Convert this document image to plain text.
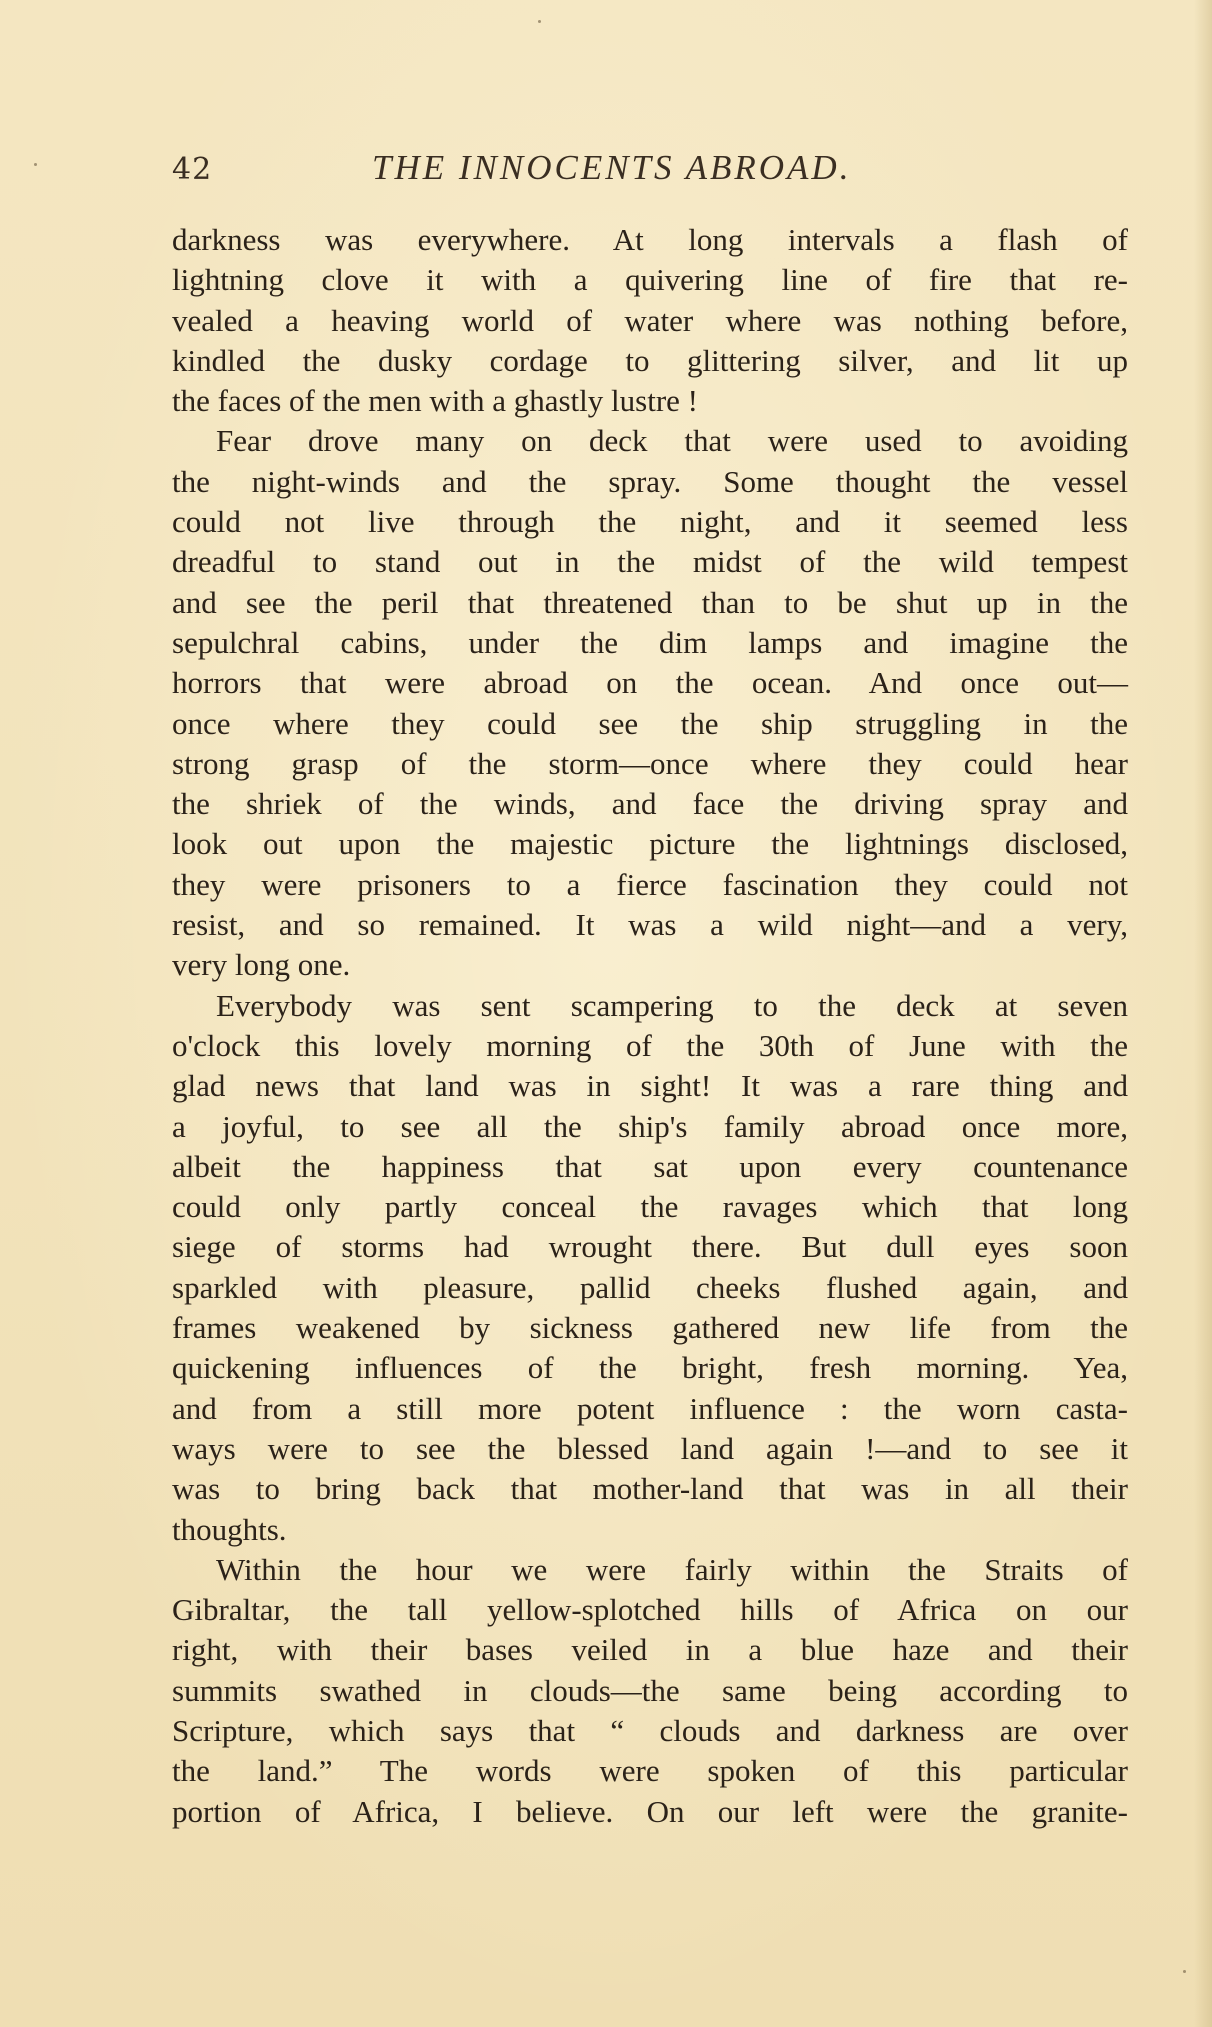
42	THE INNOCENTS ABROAD.
darkness was everywhere. At long intervals a flash of
lightning clove it with a quivering line of fire that re-
vealed a heaving world of water where was nothing before,
kindled the dusky cordage to glittering silver, and lit up
the faces of the men with a ghastly lustre !
Fear drove many on deck that were used to avoiding
the night-winds and the spray. Some thought the vessel
could not live through the night, and it seemed less
dreadful to stand out in the midst of the wild tempest
and see the peril that threatened than to be shut up in the
sepulchral cabins, under the dim lamps and imagine the
horrors that were abroad on the ocean. And once out—
once where they could see the ship struggling in the
strong grasp of the storm—once where they could hear
the shriek of the winds, and face the driving spray and
look out upon the majestic picture the lightnings disclosed,
they were prisoners to a fierce fascination they could not
resist, and so remained. It was a wild night—and a very,
very long one.
Everybody was sent scampering to the deck at seven
o'clock this lovely morning of the 30th of June with the
glad news that land was in sight! It was a rare thing and
a joyful, to see all the ship's family abroad once more,
albeit the happiness that sat upon every countenance
could only partly conceal the ravages which that long
siege of storms had wrought there. But dull eyes soon
sparkled with pleasure, pallid cheeks flushed again, and
frames weakened by sickness gathered new life from the
quickening influences of the bright, fresh morning. Yea,
and from a still more potent influence : the worn casta-
ways were to see the blessed land again !—and to see it
was to bring back that mother-land that was in all their
thoughts.
Within the hour we were fairly within the Straits of
Gibraltar, the tall yellow-splotched hills of Africa on our
right, with their bases veiled in a blue haze and their
summits swathed in clouds—the same being according to
Scripture, which says that “ clouds and darkness are over
the land.” The words were spoken of this particular
portion of Africa, I believe. On our left were the granite-
